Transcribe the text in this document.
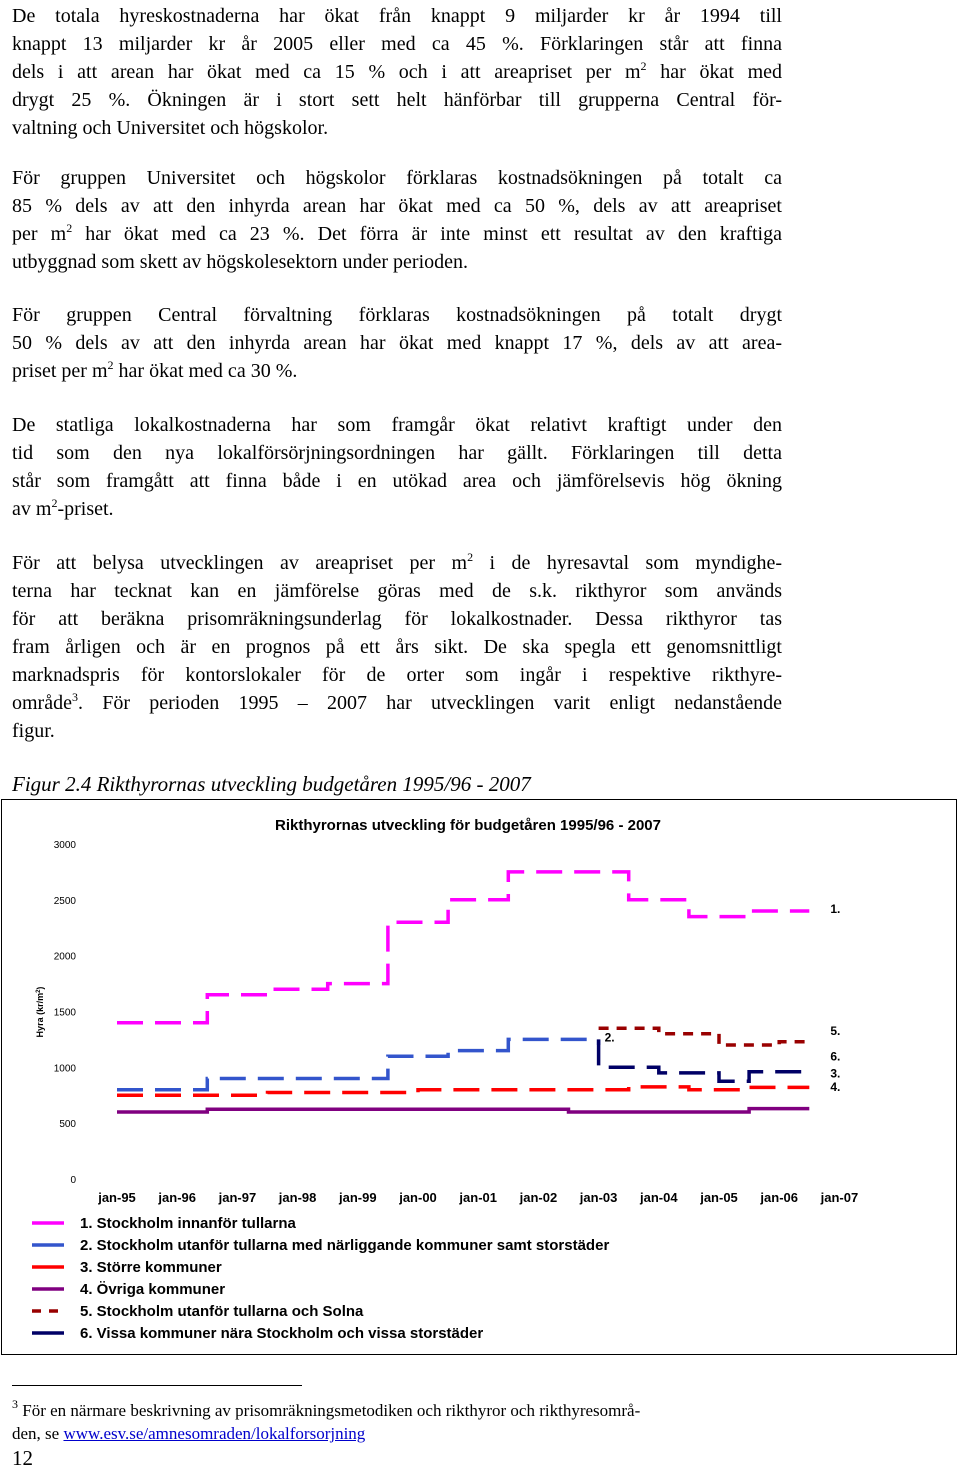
De totala hyreskostnaderna har ökat från knappt 9 miljarder kr år 1994 till
knappt 13 miljarder kr år 2005 eller med ca 45 %. Förklaringen står att finna
dels i att arean har ökat med ca 15 % och i att areapriset per $m^2$ har ökat med
drygt 25 %. Ökningen är i stort sett helt hänförbar till grupperna Central för-
valtning och Universitet och högskolor.
För gruppen Universitet och högskolor förklaras kostnadsökningen på totalt ca
85 % dels av att den inhyrda arean har ökat med ca 50 %, dels av att areapriset
per $m^2$ har ökat med ca 23 %. Det förra är inte minst ett resultat av den kraftiga
utbyggnad som skett av högskolesektorn under perioden.
För gruppen Central förvaltning förklaras kostnadsökningen på totalt drygt
50 % dels av att den inhyrda arean har ökat med knappt 17 %, dels av att area-
priset per $m^2$ har ökat med ca 30 %.
De statliga lokalkostnaderna har som framgår ökat relativt kraftigt under den
tid som den nya lokalförsörjningsordningen har gällt. Förklaringen till detta
står som framgått att finna både i en utökad area och jämförelsevis hög ökning
av $m^2$-priset.
För att belysa utvecklingen av areapriset per $m^2$ i de hyresavtal som myndighe-
terna har tecknat kan en jämförelse göras med de s.k. rikthyror som används
för att beräkna prisomräkningsunderlag för lokalkostnader. Dessa rikthyror tas
fram årligen och är en prognos på ett års sikt. De ska spegla ett genomsnittligt
marknadspris för kontorslokaler för de orter som ingår i respektive rikthyre-
område$^3$. För perioden 1995 – 2007 har utvecklingen varit enligt nedanstående
figur.
Figur 2.4 Rikthyrornas utveckling budgetåren 1995/96 - 2007
Rikthyrornas utveckling för budgetåren 1995/96 - 2007
Hyra $(kr/m^2)$
0
500
1000
1500
2000
2500
3000
jan-95 jan-96 jan-97 jan-98 jan-99 jan-00 jan-01 jan-02 jan-03 jan-04 jan-05 jan-06 jan-07
1.
2.	5.
6.
3.
4.
1. Stockholm innanför tullarna
2. Stockholm utanför tullarna med närliggande kommuner samt storstäder
3. Större kommuner
4. Övriga kommuner
5. Stockholm utanför tullarna och Solna
6. Vissa kommuner nära Stockholm och vissa storstäder
$^3$ För en närmare beskrivning av prisomräkningsmetodiken och rikthyror och rikthyresområ-
den, se www.esv.se/amnesomraden/lokalforsorjning
12
